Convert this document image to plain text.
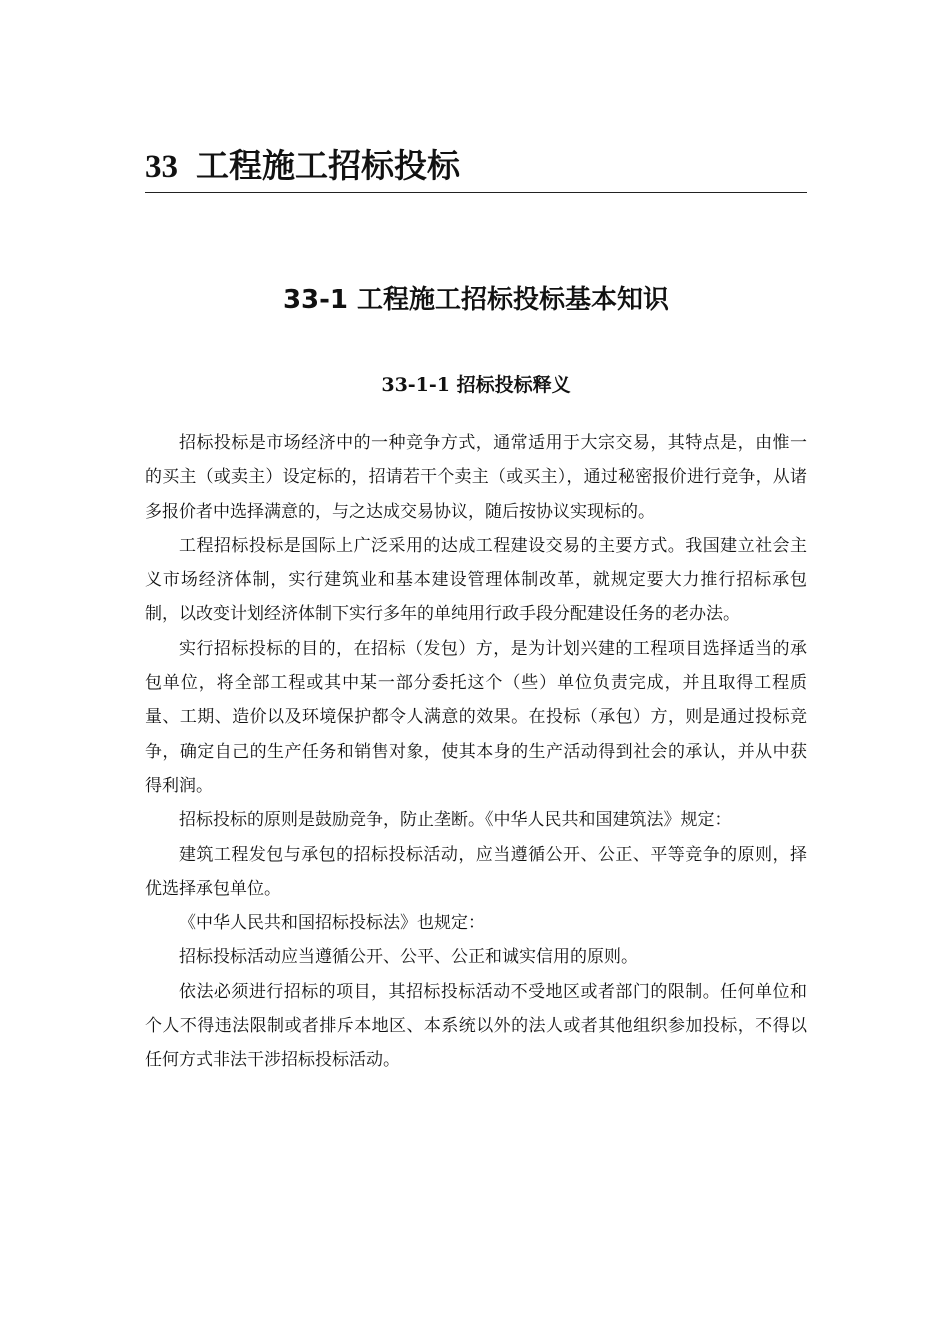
33 工程施工招标投标
33-1 工程施工招标投标基本知识
33-1-1 招标投标释义

招标投标是市场经济中的一种竞争方式，通常适用于大宗交易，其特点是，由惟一的买主（或卖主）设定标的，招请若干个卖主（或买主），通过秘密报价进行竞争，从诸多报价者中选择满意的，与之达成交易协议，随后按协议实现标的。

工程招标投标是国际上广泛采用的达成工程建设交易的主要方式。我国建立社会主义市场经济体制，实行建筑业和基本建设管理体制改革，就规定要大力推行招标承包制，以改变计划经济体制下实行多年的单纯用行政手段分配建设任务的老办法。

实行招标投标的目的，在招标（发包）方，是为计划兴建的工程项目选择适当的承包单位，将全部工程或其中某一部分委托这个（些）单位负责完成，并且取得工程质量、工期、造价以及环境保护都令人满意的效果。在投标（承包）方，则是通过投标竞争，确定自己的生产任务和销售对象，使其本身的生产活动得到社会的承认，并从中获得利润。

招标投标的原则是鼓励竞争，防止垄断。《中华人民共和国建筑法》规定：

建筑工程发包与承包的招标投标活动，应当遵循公开、公正、平等竞争的原则，择优选择承包单位。

《中华人民共和国招标投标法》也规定：

招标投标活动应当遵循公开、公平、公正和诚实信用的原则。

依法必须进行招标的项目，其招标投标活动不受地区或者部门的限制。任何单位和个人不得违法限制或者排斥本地区、本系统以外的法人或者其他组织参加投标，不得以任何方式非法干涉招标投标活动。
